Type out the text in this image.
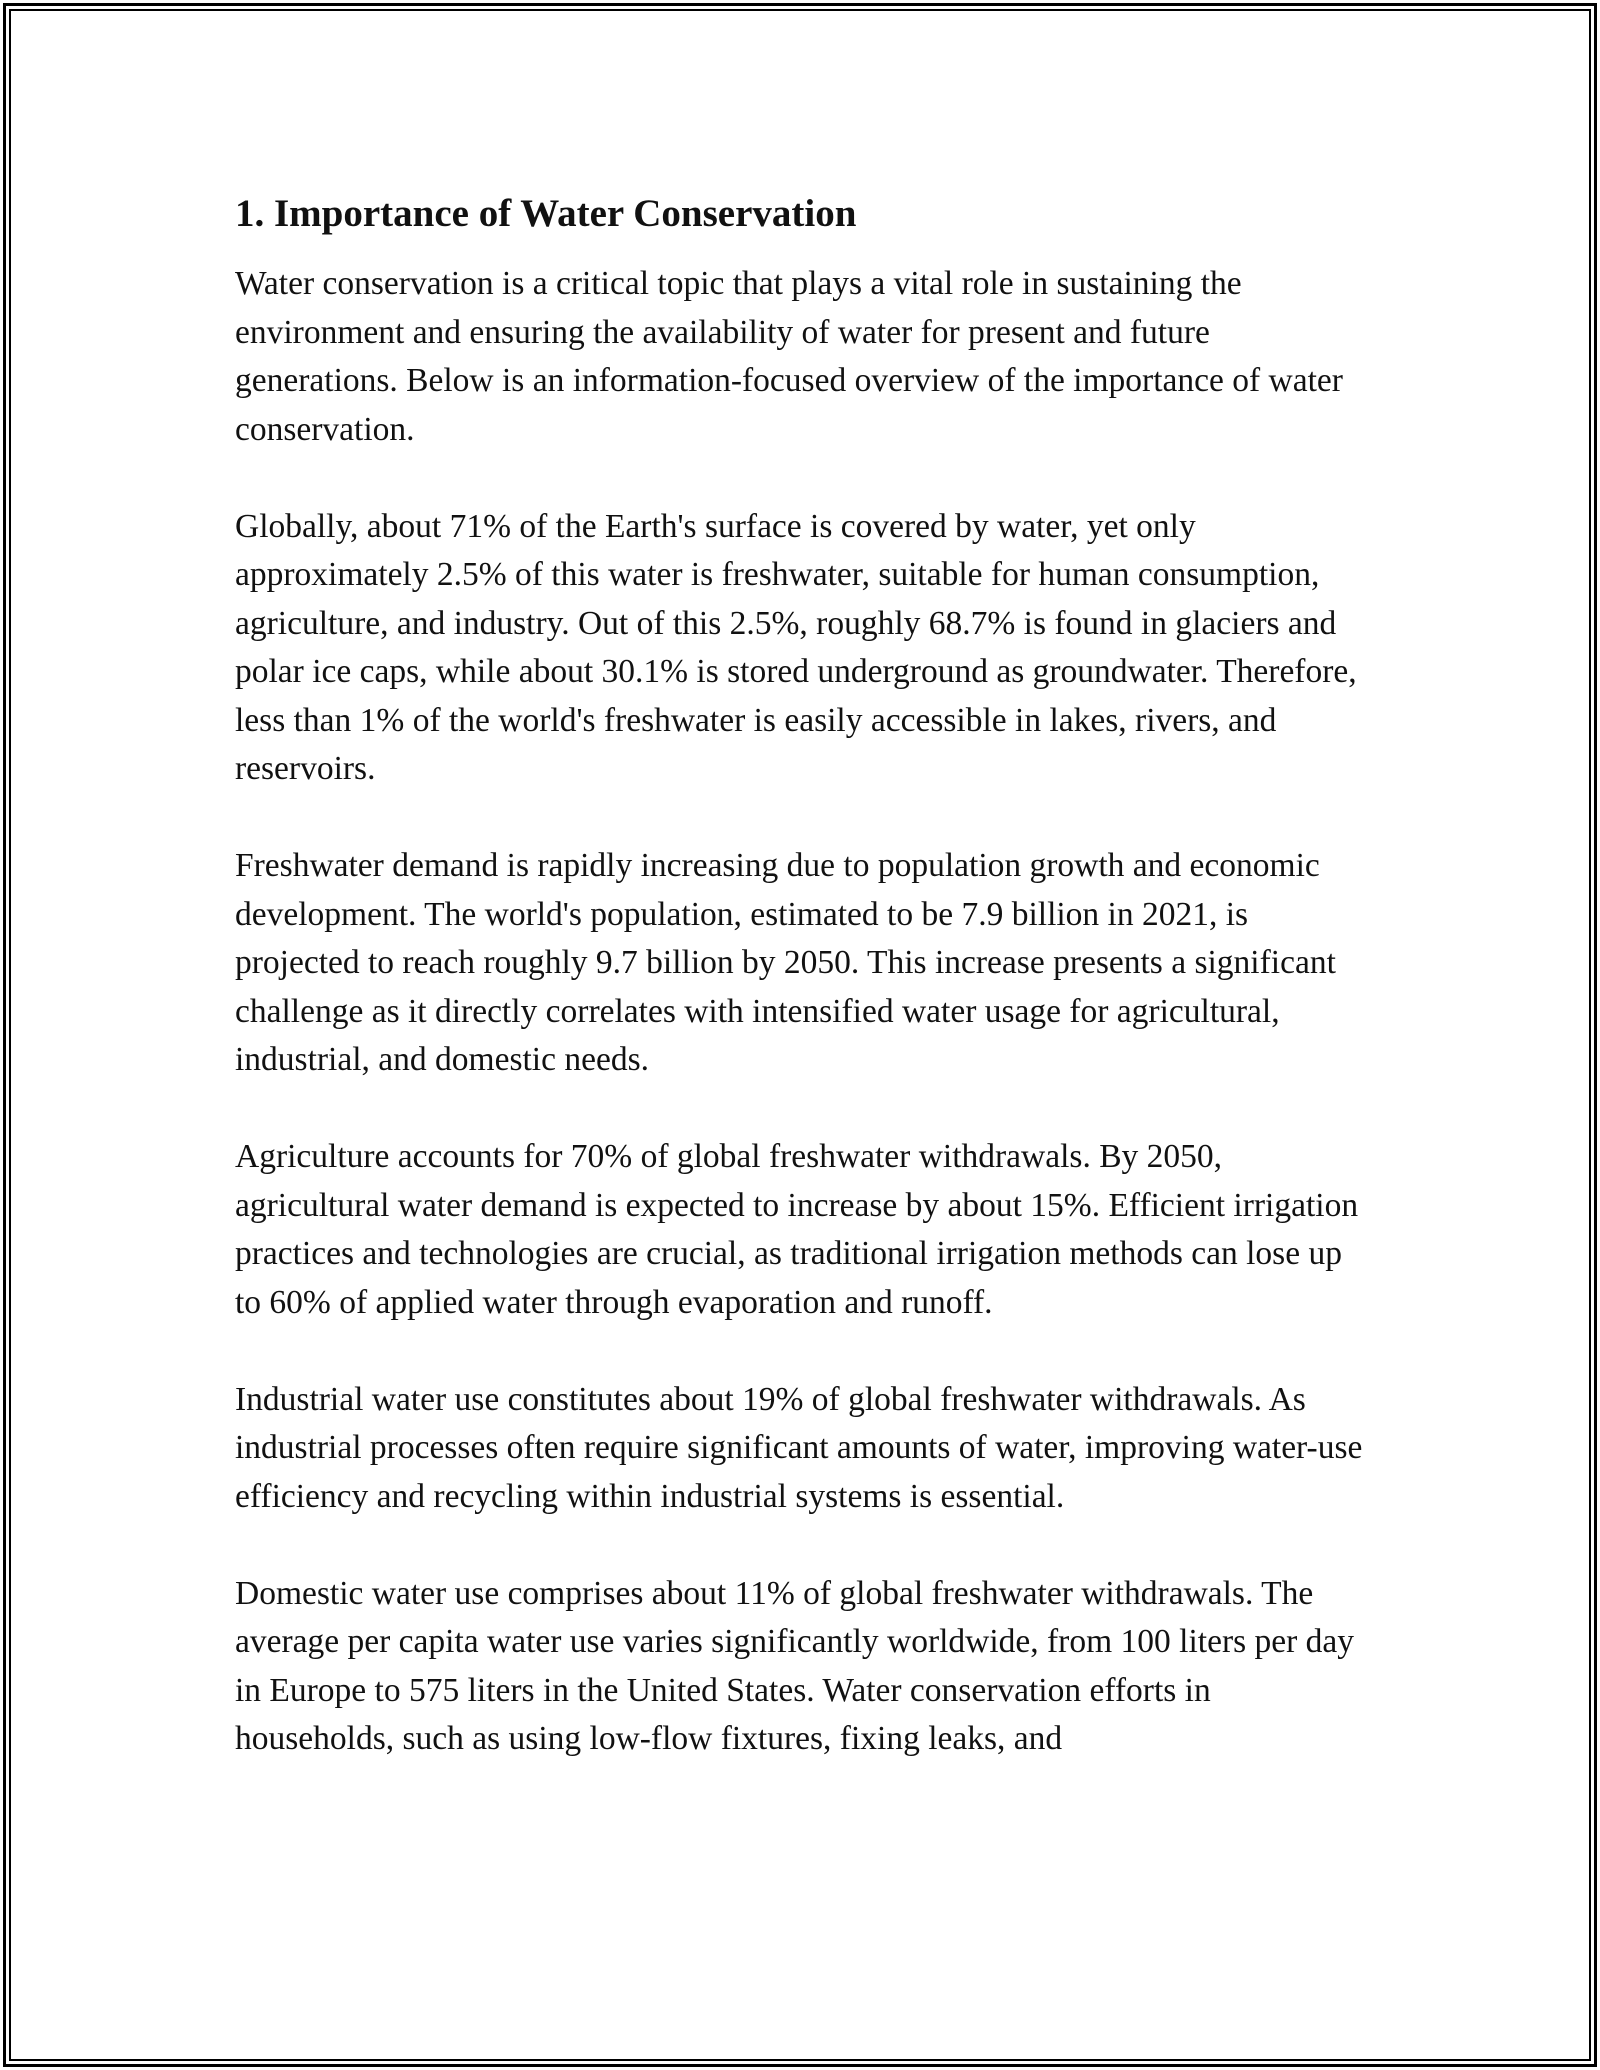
1. Importance of Water Conservation

Water conservation is a critical topic that plays a vital role in sustaining the environment and ensuring the availability of water for present and future generations. Below is an information-focused overview of the importance of water conservation.

Globally, about 71% of the Earth's surface is covered by water, yet only approximately 2.5% of this water is freshwater, suitable for human consumption, agriculture, and industry. Out of this 2.5%, roughly 68.7% is found in glaciers and polar ice caps, while about 30.1% is stored underground as groundwater. Therefore, less than 1% of the world's freshwater is easily accessible in lakes, rivers, and reservoirs.

Freshwater demand is rapidly increasing due to population growth and economic development. The world's population, estimated to be 7.9 billion in 2021, is projected to reach roughly 9.7 billion by 2050. This increase presents a significant challenge as it directly correlates with intensified water usage for agricultural, industrial, and domestic needs.

Agriculture accounts for 70% of global freshwater withdrawals. By 2050, agricultural water demand is expected to increase by about 15%. Efficient irrigation practices and technologies are crucial, as traditional irrigation methods can lose up to 60% of applied water through evaporation and runoff.

Industrial water use constitutes about 19% of global freshwater withdrawals. As industrial processes often require significant amounts of water, improving water-use efficiency and recycling within industrial systems is essential.

Domestic water use comprises about 11% of global freshwater withdrawals. The average per capita water use varies significantly worldwide, from 100 liters per day in Europe to 575 liters in the United States. Water conservation efforts in households, such as using low-flow fixtures, fixing leaks, and
